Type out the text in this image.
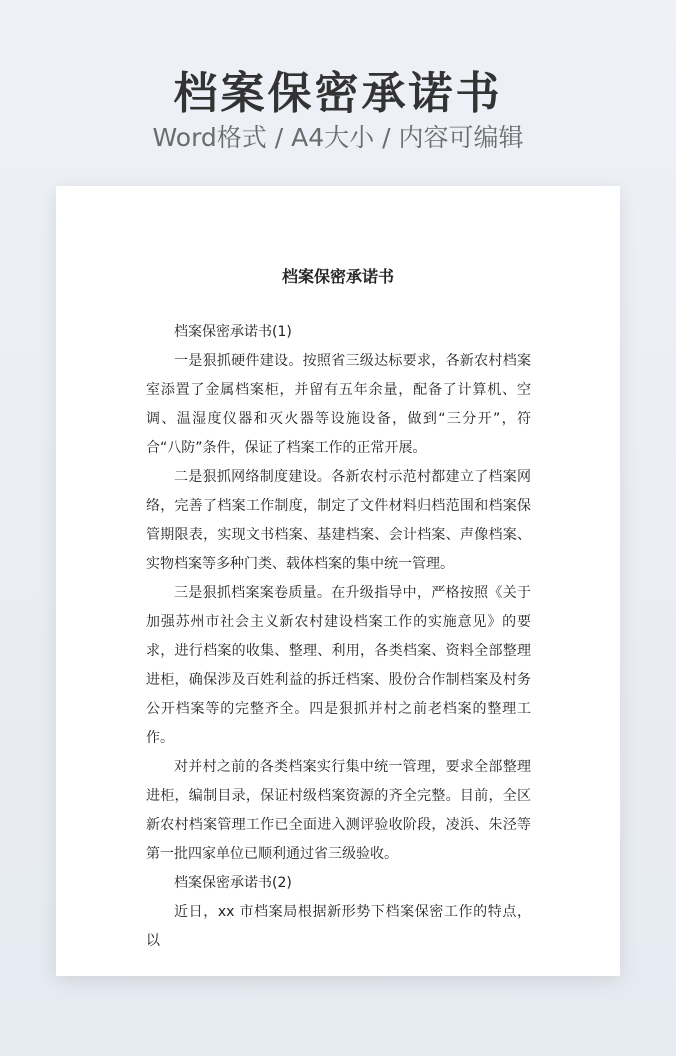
档案保密承诺书
Word格式 / A4大小 / 内容可编辑
档案保密承诺书

档案保密承诺书(1)

一是狠抓硬件建设。按照省三级达标要求，各新农村档案室添置了金属档案柜，并留有五年余量，配备了计算机、空调、温湿度仪器和灭火器等设施设备，做到“三分开”，符合“八防”条件，保证了档案工作的正常开展。

二是狠抓网络制度建设。各新农村示范村都建立了档案网络，完善了档案工作制度，制定了文件材料归档范围和档案保管期限表，实现文书档案、基建档案、会计档案、声像档案、实物档案等多种门类、载体档案的集中统一管理。

三是狠抓档案案卷质量。在升级指导中，严格按照《关于加强苏州市社会主义新农村建设档案工作的实施意见》的要求，进行档案的收集、整理、利用，各类档案、资料全部整理进柜，确保涉及百姓利益的拆迁档案、股份合作制档案及村务公开档案等的完整齐全。四是狠抓并村之前老档案的整理工作。

对并村之前的各类档案实行集中统一管理，要求全部整理进柜，编制目录，保证村级档案资源的齐全完整。目前，全区新农村档案管理工作已全面进入测评验收阶段，凌浜、朱泾等第一批四家单位已顺利通过省三级验收。

档案保密承诺书(2)

近日，xx 市档案局根据新形势下档案保密工作的特点，以
